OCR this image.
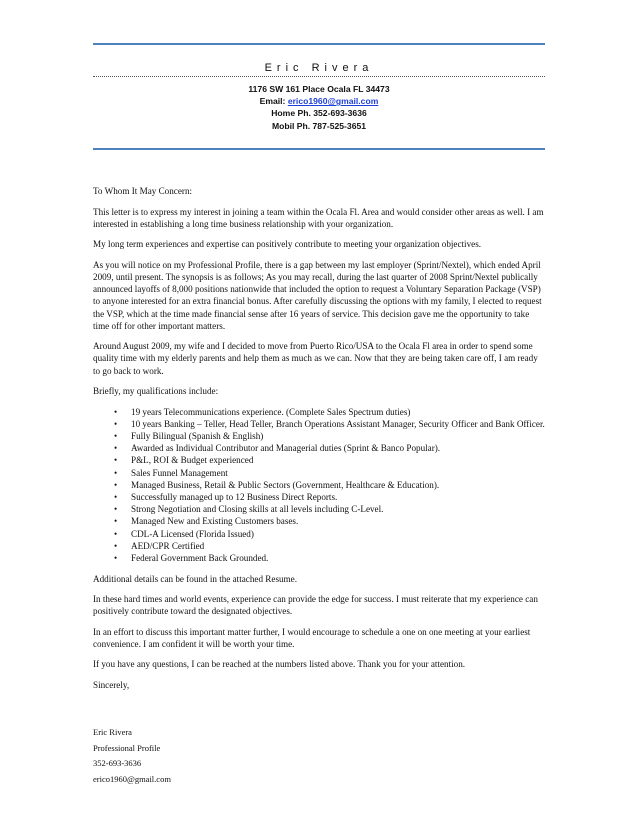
Eric Rivera
1176 SW 161 Place Ocala FL 34473
Email: erico1960@gmail.com
Home Ph. 352-693-3636
Mobil Ph. 787-525-3651

To Whom It May Concern:

This letter is to express my interest in joining a team within the Ocala Fl. Area and would consider other areas as well. I am interested in establishing a long time business relationship with your organization.

My long term experiences and expertise can positively contribute to meeting your organization objectives.

As you will notice on my Professional Profile, there is a gap between my last employer (Sprint/Nextel), which ended April 2009, until present. The synopsis is as follows; As you may recall, during the last quarter of 2008 Sprint/Nextel publically announced layoffs of 8,000 positions nationwide that included the option to request a Voluntary Separation Package (VSP) to anyone interested for an extra financial bonus. After carefully discussing the options with my family, I elected to request the VSP, which at the time made financial sense after 16 years of service. This decision gave me the opportunity to take time off for other important matters.

Around August 2009, my wife and I decided to move from Puerto Rico/USA to the Ocala Fl area in order to spend some quality time with my elderly parents and help them as much as we can. Now that they are being taken care off, I am ready to go back to work.

Briefly, my qualifications include:

• 19 years Telecommunications experience. (Complete Sales Spectrum duties)
• 10 years Banking – Teller, Head Teller, Branch Operations Assistant Manager, Security Officer and Bank Officer.
• Fully Bilingual (Spanish & English)
• Awarded as Individual Contributor and Managerial duties (Sprint & Banco Popular).
• P&L, ROI & Budget experienced
• Sales Funnel Management
• Managed Business, Retail & Public Sectors (Government, Healthcare & Education).
• Successfully managed up to 12 Business Direct Reports.
• Strong Negotiation and Closing skills at all levels including C-Level.
• Managed New and Existing Customers bases.
• CDL-A Licensed (Florida Issued)
• AED/CPR Certified
• Federal Government Back Grounded.

Additional details can be found in the attached Resume.

In these hard times and world events, experience can provide the edge for success. I must reiterate that my experience can positively contribute toward the designated objectives.

In an effort to discuss this important matter further, I would encourage to schedule a one on one meeting at your earliest convenience. I am confident it will be worth your time.

If you have any questions, I can be reached at the numbers listed above. Thank you for your attention.

Sincerely,

Eric Rivera
Professional Profile
352-693-3636
erico1960@gmail.com
